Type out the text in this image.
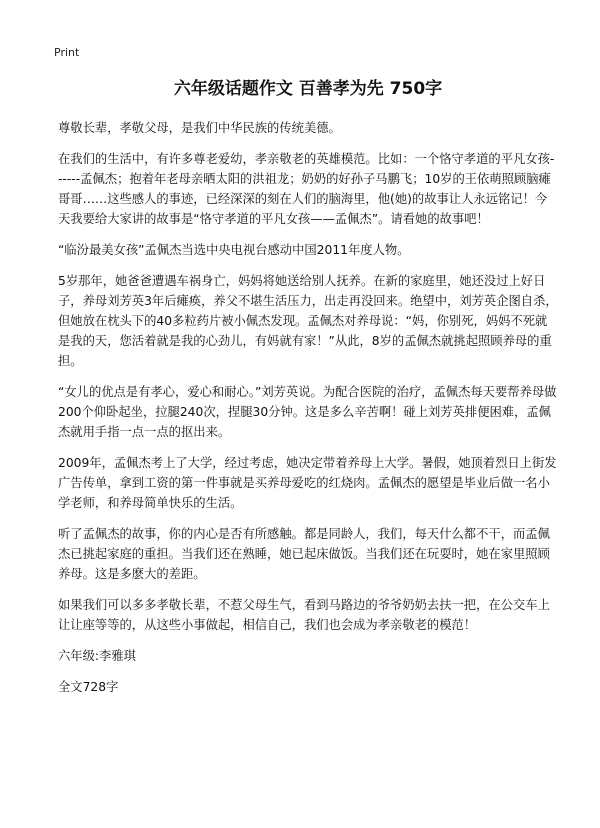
Print
六年级话题作文 百善孝为先 750字
尊敬长辈，孝敬父母，是我们中华民族的传统美德。
在我们的生活中，有许多尊老爱幼，孝亲敬老的英雄模范。比如：一个恪守孝道的平凡女孩------孟佩杰；抱着年老母亲晒太阳的洪祖龙；奶奶的好孙子马鹏飞；10岁的王依萌照顾脑瘫哥哥……这些感人的事迹，已经深深的刻在人们的脑海里，他(她)的故事让人永远铭记！今天我要给大家讲的故事是“恪守孝道的平凡女孩——孟佩杰”。请看她的故事吧！
“临汾最美女孩”孟佩杰当选中央电视台感动中国2011年度人物。
5岁那年，她爸爸遭遇车祸身亡，妈妈将她送给别人抚养。在新的家庭里，她还没过上好日子，养母刘芳英3年后瘫痪，养父不堪生活压力，出走再没回来。绝望中，刘芳英企图自杀，但她放在枕头下的40多粒药片被小佩杰发现。孟佩杰对养母说：“妈，你别死，妈妈不死就是我的天，您活着就是我的心劲儿，有妈就有家！”从此，8岁的孟佩杰就挑起照顾养母的重担。
“女儿的优点是有孝心，爱心和耐心。”刘芳英说。为配合医院的治疗，孟佩杰每天要帮养母做200个仰卧起坐，拉腿240次，捏腿30分钟。这是多么辛苦啊！碰上刘芳英排便困难，孟佩杰就用手指一点一点的抠出来。
2009年，孟佩杰考上了大学，经过考虑，她决定带着养母上大学。暑假，她顶着烈日上街发广告传单，拿到工资的第一件事就是买养母爱吃的红烧肉。孟佩杰的愿望是毕业后做一名小学老师，和养母简单快乐的生活。
听了孟佩杰的故事，你的内心是否有所感触。都是同龄人，我们，每天什么都不干，而孟佩杰已挑起家庭的重担。当我们还在熟睡，她已起床做饭。当我们还在玩耍时，她在家里照顾养母。这是多麽大的差距。
如果我们可以多多孝敬长辈，不惹父母生气，看到马路边的爷爷奶奶去扶一把，在公交车上让让座等等的，从这些小事做起，相信自己，我们也会成为孝亲敬老的模范！
六年级:李雅琪
全文728字
